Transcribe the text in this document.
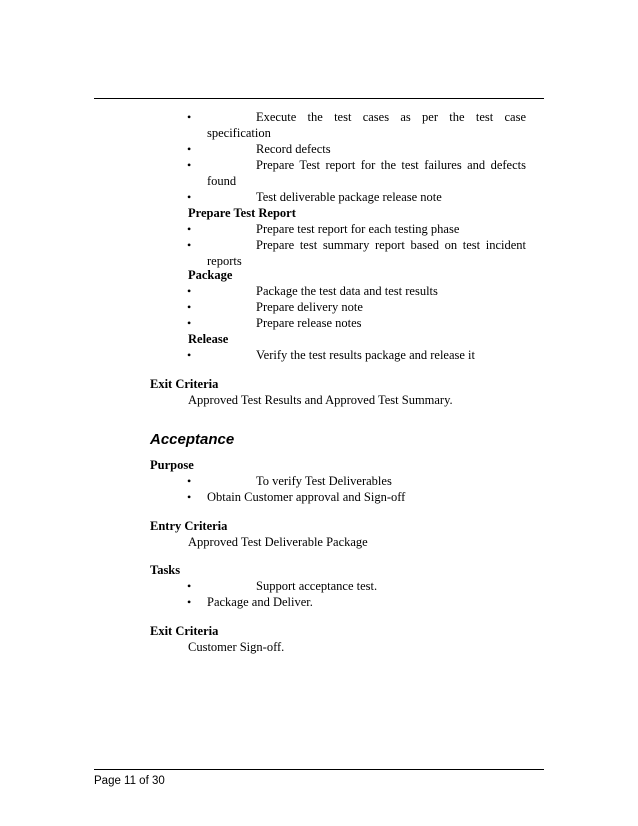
•	Execute the test cases as per the test case
specification
•	Record defects
•	Prepare Test report for the test failures and defects
found
•	Test deliverable package release note
Prepare Test Report
•	Prepare test report for each testing phase
•	Prepare test summary report based on test incident
reports
Package
•	Package the test data and test results
•	Prepare delivery note
•	Prepare release notes
Release
•	Verify the test results package and release it
Exit Criteria
Approved Test Results and Approved Test Summary.
Acceptance
Purpose
•	To verify Test Deliverables
• Obtain Customer approval and Sign-off
Entry Criteria
Approved Test Deliverable Package
Tasks
•	Support acceptance test.
• Package and Deliver.
Exit Criteria
Customer Sign-off.
Page 11 of 30
